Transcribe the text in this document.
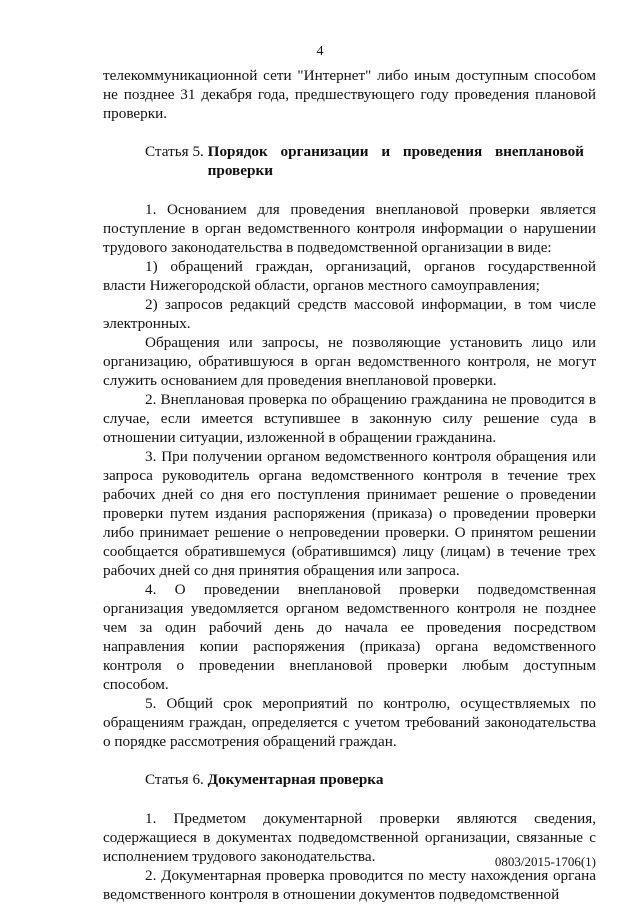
4

телекоммуникационной сети "Интернет" либо иным доступным способом не позднее 31 декабря года, предшествующего году проведения плановой проверки.

Статья 5. Порядок организации и проведения внеплановой проверки

1. Основанием для проведения внеплановой проверки является поступление в орган ведомственного контроля информации о нарушении трудового законодательства в подведомственной организации в виде:

1) обращений граждан, организаций, органов государственной власти Нижегородской области, органов местного самоуправления;

2) запросов редакций средств массовой информации, в том числе электронных.

Обращения или запросы, не позволяющие установить лицо или организацию, обратившуюся в орган ведомственного контроля, не могут служить основанием для проведения внеплановой проверки.

2. Внеплановая проверка по обращению гражданина не проводится в случае, если имеется вступившее в законную силу решение суда в отношении ситуации, изложенной в обращении гражданина.

3. При получении органом ведомственного контроля обращения или запроса руководитель органа ведомственного контроля в течение трех рабочих дней со дня его поступления принимает решение о проведении проверки путем издания распоряжения (приказа) о проведении проверки либо принимает решение о непроведении проверки. О принятом решении сообщается обратившемуся (обратившимся) лицу (лицам) в течение трех рабочих дней со дня принятия обращения или запроса.

4. О проведении внеплановой проверки подведомственная организация уведомляется органом ведомственного контроля не позднее чем за один рабочий день до начала ее проведения посредством направления копии распоряжения (приказа) органа ведомственного контроля о проведении внеплановой проверки любым доступным способом.

5. Общий срок мероприятий по контролю, осуществляемых по обращениям граждан, определяется с учетом требований законодательства о порядке рассмотрения обращений граждан.

Статья 6. Документарная проверка

1. Предметом документарной проверки являются сведения, содержащиеся в документах подведомственной организации, связанные с исполнением трудового законодательства.

2. Документарная проверка проводится по месту нахождения органа ведомственного контроля в отношении документов подведомственной

0803/2015-1706(1)
